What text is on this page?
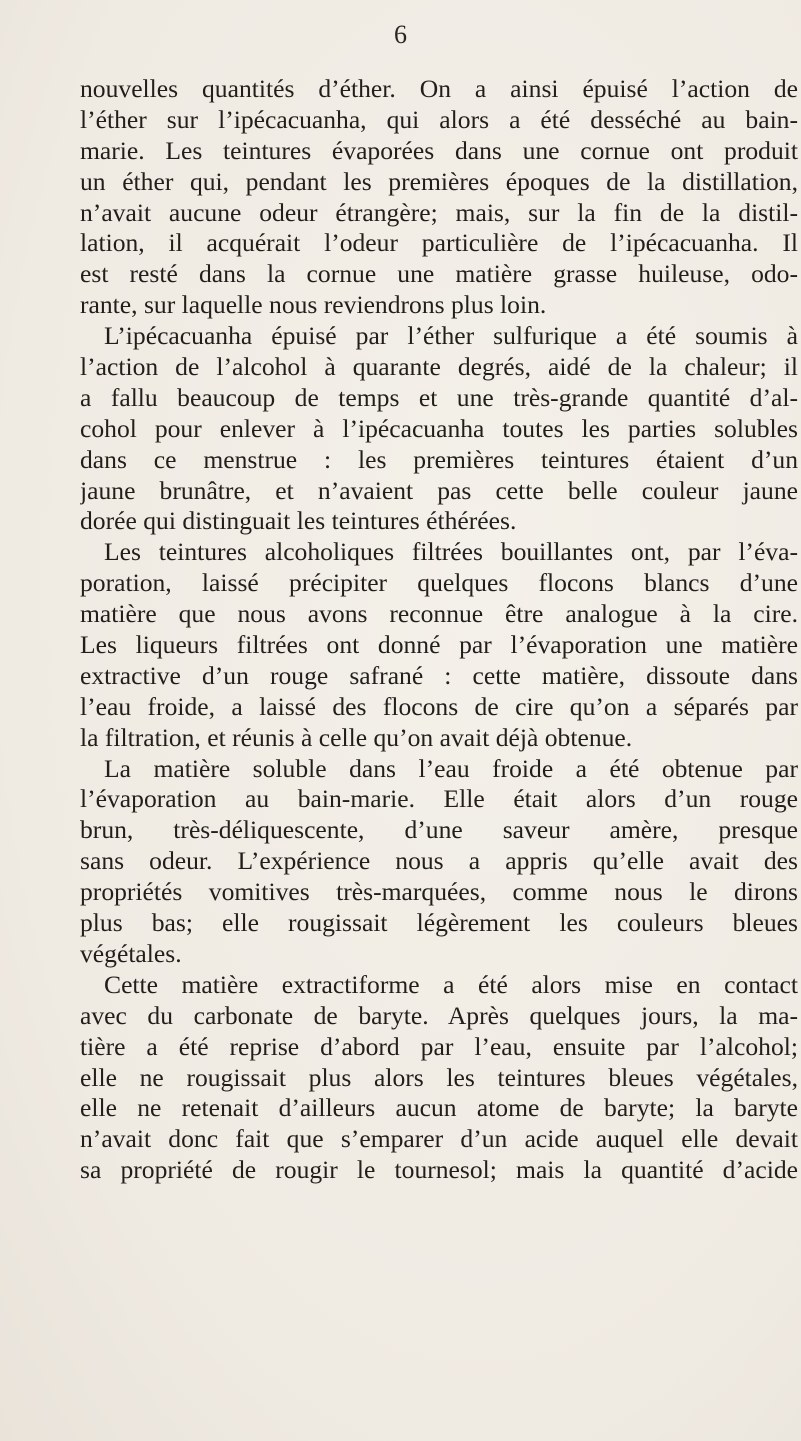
6
nouvelles quantités d’éther. On a ainsi épuisé l’action de
l’éther sur l’ipécacuanha, qui alors a été desséché au bain-
marie. Les teintures évaporées dans une cornue ont produit
un éther qui, pendant les premières époques de la distillation,
n’avait aucune odeur étrangère; mais, sur la fin de la distil-
lation, il acquérait l’odeur particulière de l’ipécacuanha. Il
est resté dans la cornue une matière grasse huileuse, odo-
rante, sur laquelle nous reviendrons plus loin.
L’ipécacuanha épuisé par l’éther sulfurique a été soumis à
l’action de l’alcohol à quarante degrés, aidé de la chaleur; il
a fallu beaucoup de temps et une très-grande quantité d’al-
cohol pour enlever à l’ipécacuanha toutes les parties solubles
dans ce menstrue : les premières teintures étaient d’un
jaune brunâtre, et n’avaient pas cette belle couleur jaune
dorée qui distinguait les teintures éthérées.
Les teintures alcoholiques filtrées bouillantes ont, par l’éva-
poration, laissé précipiter quelques flocons blancs d’une
matière que nous avons reconnue être analogue à la cire.
Les liqueurs filtrées ont donné par l’évaporation une matière
extractive d’un rouge safrané : cette matière, dissoute dans
l’eau froide, a laissé des flocons de cire qu’on a séparés par
la filtration, et réunis à celle qu’on avait déjà obtenue.
La matière soluble dans l’eau froide a été obtenue par
l’évaporation au bain-marie. Elle était alors d’un rouge
brun, très-déliquescente, d’une saveur amère, presque
sans odeur. L’expérience nous a appris qu’elle avait des
propriétés vomitives très-marquées, comme nous le dirons
plus bas; elle rougissait légèrement les couleurs bleues
végétales.
Cette matière extractiforme a été alors mise en contact
avec du carbonate de baryte. Après quelques jours, la ma-
tière a été reprise d’abord par l’eau, ensuite par l’alcohol;
elle ne rougissait plus alors les teintures bleues végétales,
elle ne retenait d’ailleurs aucun atome de baryte; la baryte
n’avait donc fait que s’emparer d’un acide auquel elle devait
sa propriété de rougir le tournesol; mais la quantité d’acide
